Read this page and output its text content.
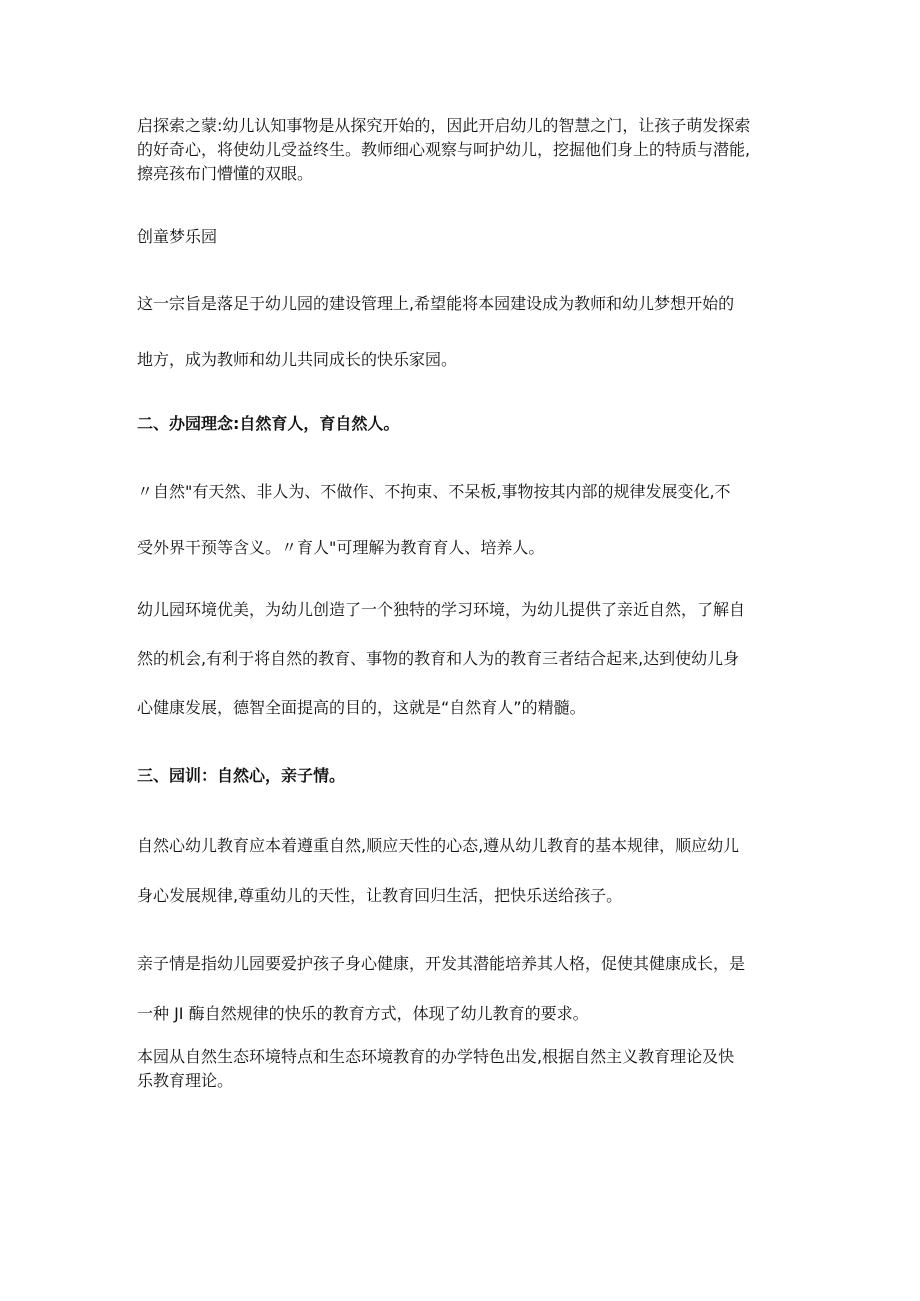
启探索之蒙:幼儿认知事物是从探究开始的，因此开启幼儿的智慧之门，让孩子萌发探索
的好奇心，将使幼儿受益终生。教师细心观察与呵护幼儿，挖掘他们身上的特质与潜能,
擦亮孩布门懵懂的双眼。
创童梦乐园
这一宗旨是落足于幼儿园的建设管理上,希望能将本园建设成为教师和幼儿梦想开始的
地方，成为教师和幼儿共同成长的快乐家园。
二、办园理念:自然育人，育自然人。
〃自然"有天然、非人为、不做作、不拘束、不呆板,事物按其内部的规律发展变化,不
受外界干预等含义。〃育人"可理解为教育育人、培养人。
幼儿园环境优美，为幼儿创造了一个独特的学习环境，为幼儿提供了亲近自然，了解自
然的机会,有利于将自然的教育、事物的教育和人为的教育三者结合起来,达到使幼儿身
心健康发展，德智全面提高的目的，这就是“自然育人”的精髓。
三、园训：自然心，亲子情。
自然心幼儿教育应本着遵重自然,顺应天性的心态,遵从幼儿教育的基本规律，顺应幼儿
身心发展规律,尊重幼儿的天性，让教育回归生活，把快乐送给孩子。
亲子情是指幼儿园要爱护孩子身心健康，开发其潜能培养其人格，促使其健康成长，是
一种 JI 酶自然规律的快乐的教育方式，体现了幼儿教育的要求。
本园从自然生态环境特点和生态环境教育的办学特色出发,根据自然主义教育理论及快
乐教育理论。
